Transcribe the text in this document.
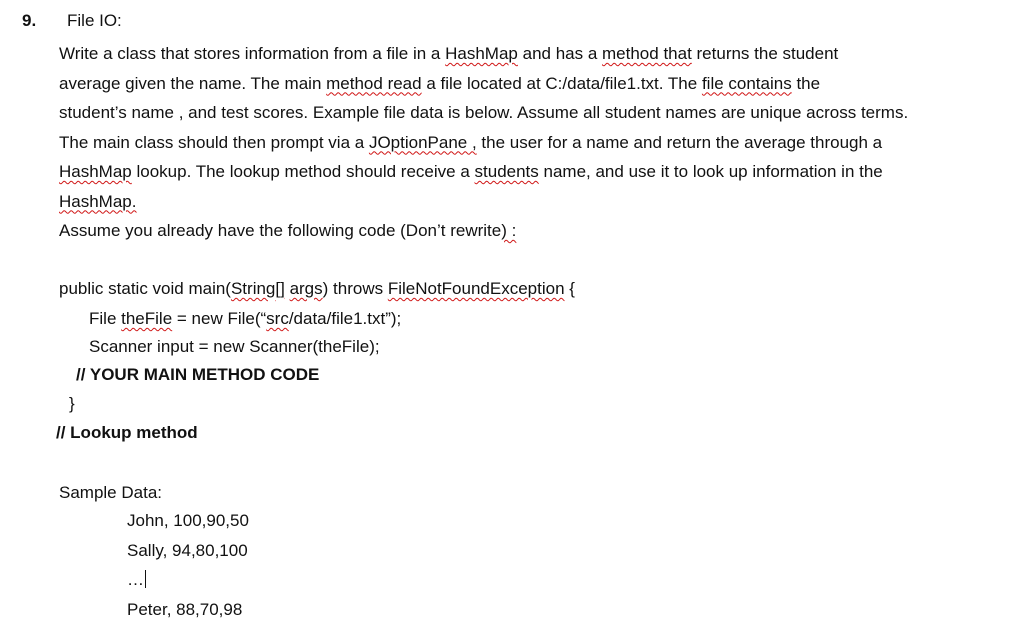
9. File IO:
Write a class that stores information from a file in a HashMap and has a method that returns the student
average given the name. The main method read a file located at C:/data/file1.txt. The file contains the
student’s name , and test scores. Example file data is below. Assume all student names are unique across terms.
The main class should then prompt via a JOptionPane , the user for a name and return the average through a
HashMap lookup. The lookup method should receive a students name, and use it to look up information in the
HashMap.
Assume you already have the following code (Don’t rewrite) :
public static void main(String[] args) throws FileNotFoundException {
File theFile = new File(“src/data/file1.txt”);
Scanner input = new Scanner(theFile);
// YOUR MAIN METHOD CODE
}
// Lookup method
Sample Data:
John, 100,90,50
Sally, 94,80,100
…
Peter, 88,70,98
